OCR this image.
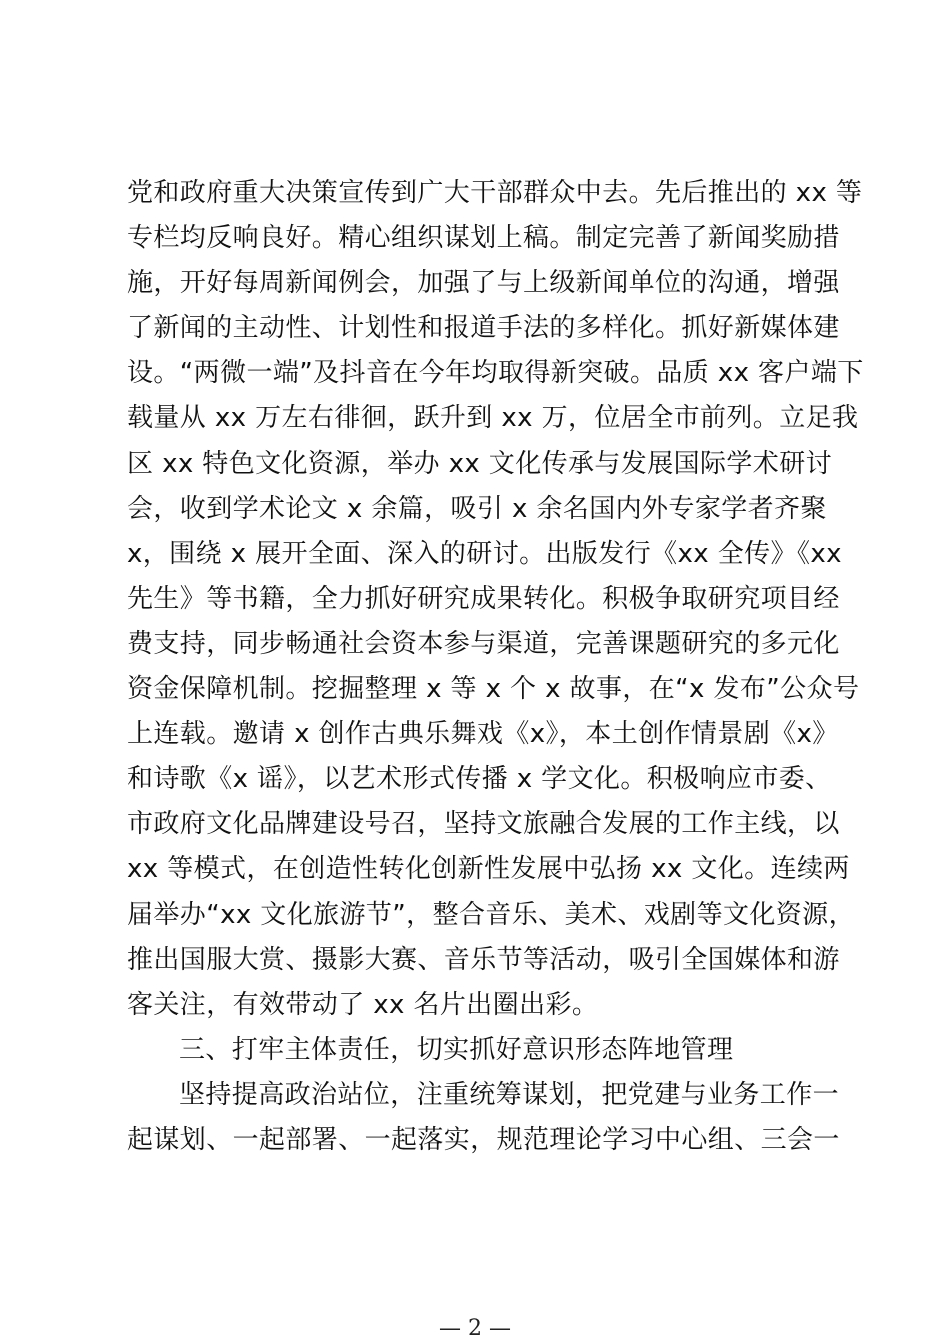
党和政府重大决策宣传到广大干部群众中去。先后推出的 xx 等
专栏均反响良好。精心组织谋划上稿。制定完善了新闻奖励措
施，开好每周新闻例会，加强了与上级新闻单位的沟通，增强
了新闻的主动性、计划性和报道手法的多样化。抓好新媒体建
设。“两微一端”及抖音在今年均取得新突破。品质 xx 客户端下
载量从 xx 万左右徘徊，跃升到 xx 万，位居全市前列。立足我
区 xx 特色文化资源，举办 xx 文化传承与发展国际学术研讨
会，收到学术论文 x 余篇，吸引 x 余名国内外专家学者齐聚
x，围绕 x 展开全面、深入的研讨。出版发行《xx 全传》《xx
先生》等书籍，全力抓好研究成果转化。积极争取研究项目经
费支持，同步畅通社会资本参与渠道，完善课题研究的多元化
资金保障机制。挖掘整理 x 等 x 个 x 故事，在“x 发布”公众号
上连载。邀请 x 创作古典乐舞戏《x》，本土创作情景剧《x》
和诗歌《x 谣》，以艺术形式传播 x 学文化。积极响应市委、
市政府文化品牌建设号召，坚持文旅融合发展的工作主线，以
xx 等模式，在创造性转化创新性发展中弘扬 xx 文化。连续两
届举办“xx 文化旅游节”，整合音乐、美术、戏剧等文化资源，
推出国服大赏、摄影大赛、音乐节等活动，吸引全国媒体和游
客关注，有效带动了 xx 名片出圈出彩。
三、打牢主体责任，切实抓好意识形态阵地管理
坚持提高政治站位，注重统筹谋划，把党建与业务工作一
起谋划、一起部署、一起落实，规范理论学习中心组、三会一
— 2 —
